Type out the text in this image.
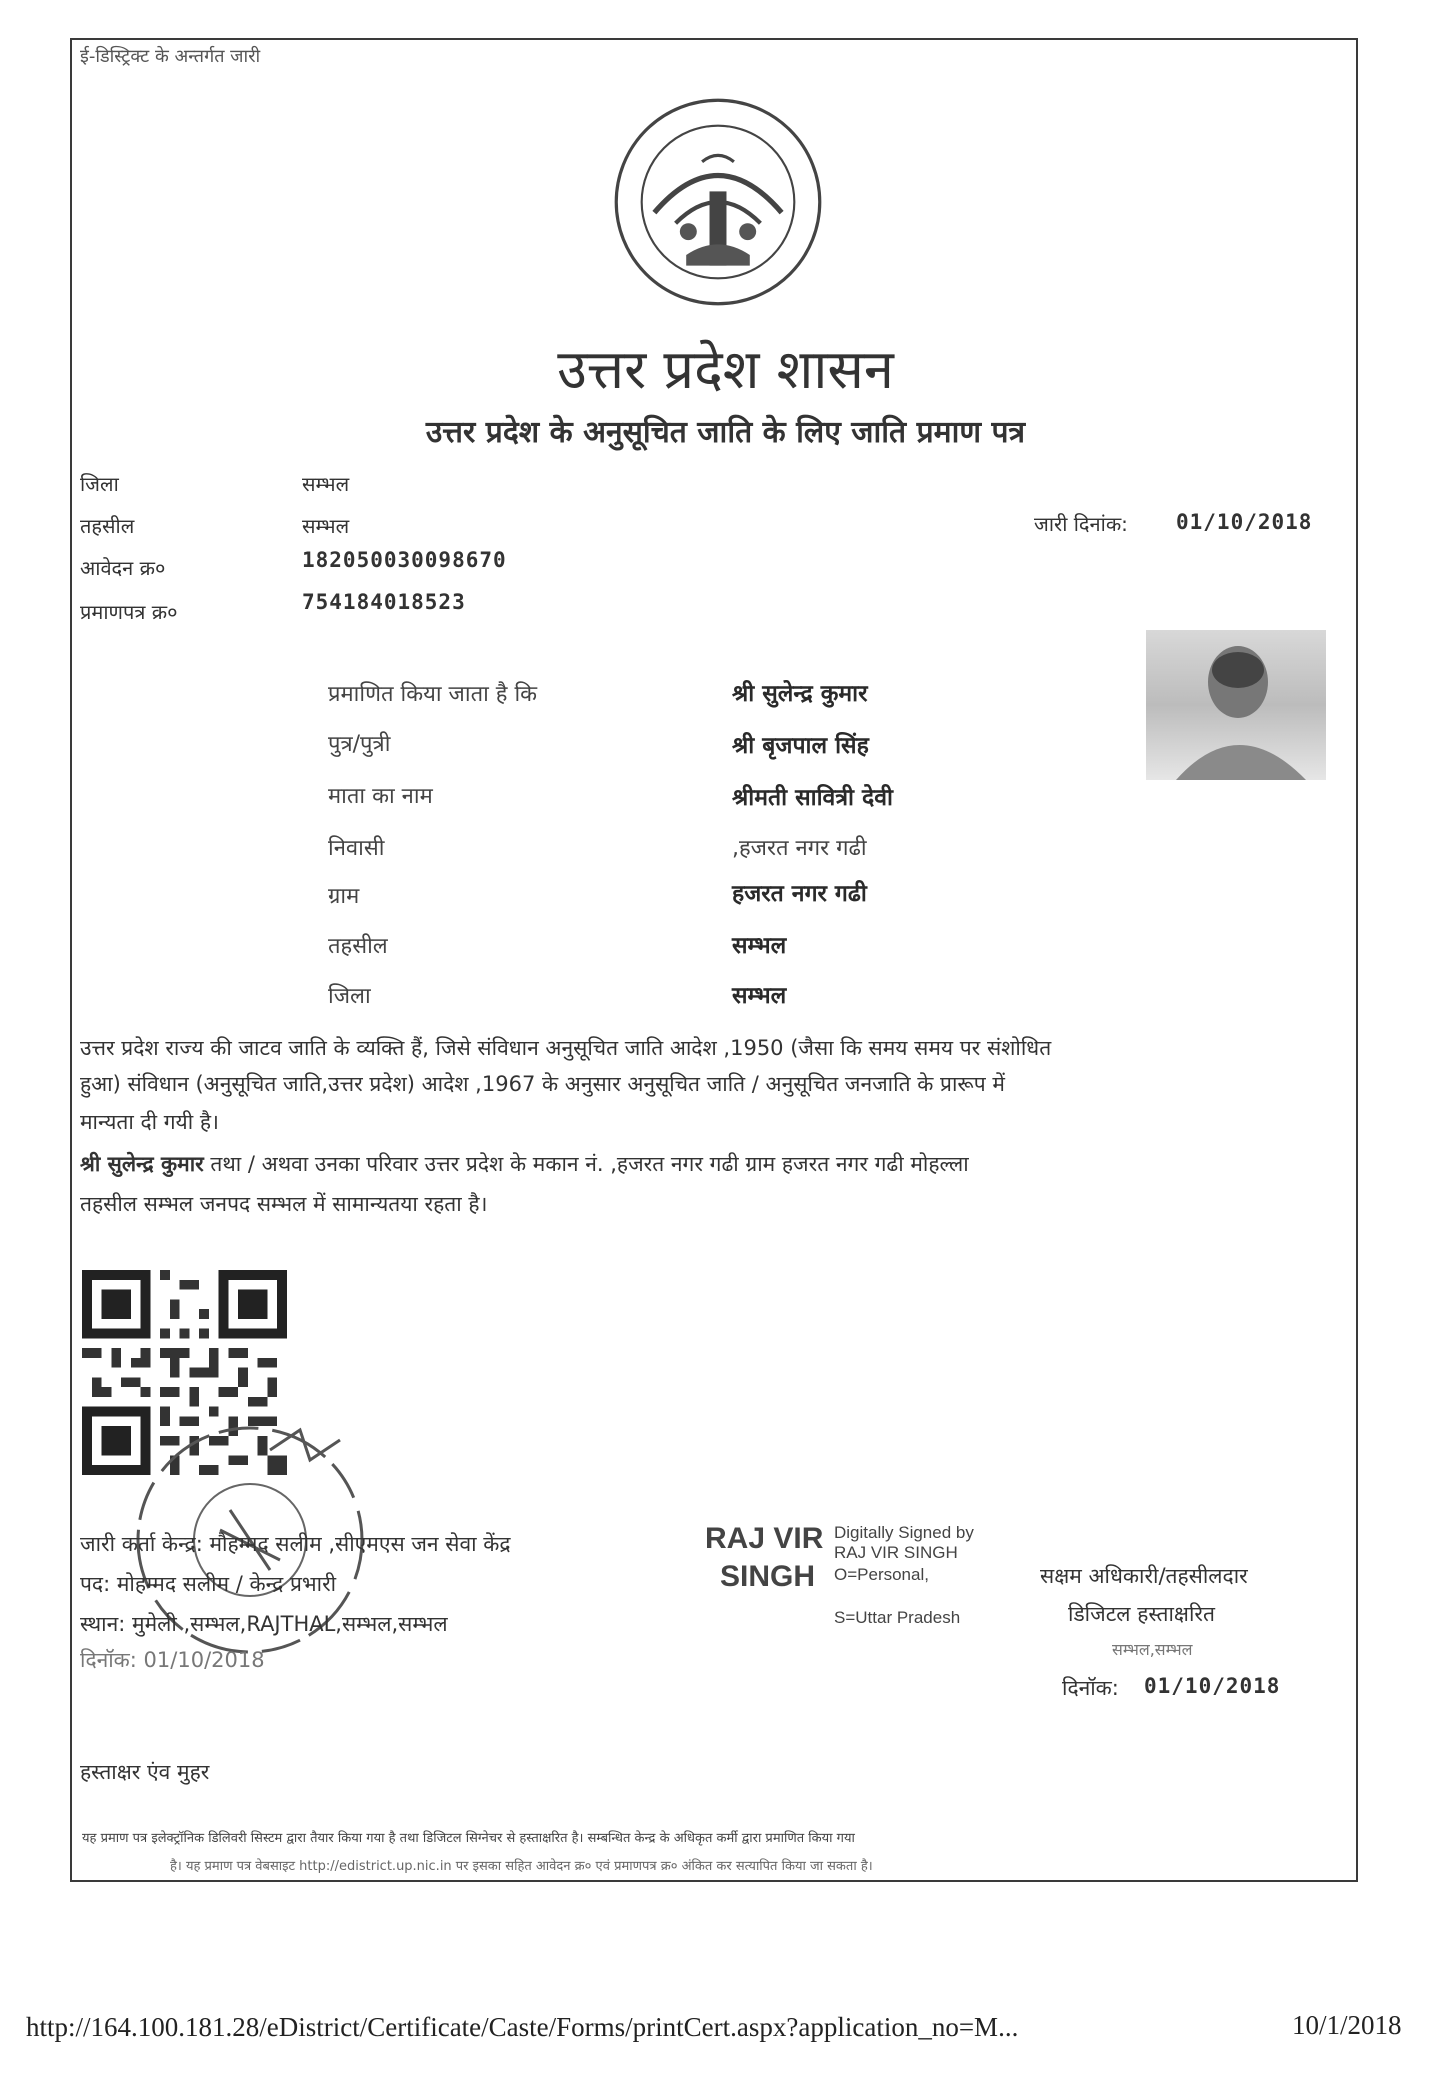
ई-डिस्ट्रिक्ट के अन्तर्गत जारी
उत्तर प्रदेश शासन
उत्तर प्रदेश के अनुसूचित जाति के लिए जाति प्रमाण पत्र
जिला	सम्भल
तहसील	सम्भल	जारी दिनांक: 01/10/2018
आवेदन क्र०	182050030098670
प्रमाणपत्र क्र०	754184018523
प्रमाणित किया जाता है कि	श्री सुलेन्द्र कुमार
पुत्र/पुत्री	श्री बृजपाल सिंह
माता का नाम	श्रीमती सावित्री देवी
निवासी	,हजरत नगर गढी
ग्राम	हजरत नगर गढी
तहसील	सम्भल
जिला	सम्भल
उत्तर प्रदेश राज्य की जाटव जाति के व्यक्ति हैं, जिसे संविधान अनुसूचित जाति आदेश ,1950 (जैसा कि समय समय पर संशोधित
हुआ) संविधान (अनुसूचित जाति,उत्तर प्रदेश) आदेश ,1967 के अनुसार अनुसूचित जाति / अनुसूचित जनजाति के प्रारूप में
मान्यता दी गयी है।
श्री सुलेन्द्र कुमार तथा / अथवा उनका परिवार उत्तर प्रदेश के मकान नं. ,हजरत नगर गढी ग्राम हजरत नगर गढी मोहल्ला
तहसील सम्भल जनपद सम्भल में सामान्यतया रहता है।
जारी कर्ता केन्द्र: मौहम्मद सलीम ,सीएमएस जन सेवा केंद्र
पद: मोहम्मद सलीम / केन्द्र प्रभारी
स्थान: मुमेली ,सम्भल,RAJTHAL,सम्भल,सम्भल
दिनॉक: 01/10/2018
RAJ VIR
SINGH
Digitally Signed by
RAJ VIR SINGH
O=Personal,
S=Uttar Pradesh
सक्षम अधिकारी/तहसीलदार
डिजिटल हस्ताक्षरित
सम्भल,सम्भल
दिनॉक: 01/10/2018
हस्ताक्षर एंव मुहर
यह प्रमाण पत्र इलेक्ट्रॉनिक डिलिवरी सिस्टम द्वारा तैयार किया गया है तथा डिजिटल सिग्नेचर से हस्ताक्षरित है। सम्बन्धित केन्द्र के अधिकृत कर्मी द्वारा प्रमाणित किया गया
है। यह प्रमाण पत्र वेबसाइट http://edistrict.up.nic.in पर इसका सहित आवेदन क्र० एवं प्रमाणपत्र क्र० अंकित कर सत्यापित किया जा सकता है।
http://164.100.181.28/eDistrict/Certificate/Caste/Forms/printCert.aspx?application_no=M...	10/1/2018
